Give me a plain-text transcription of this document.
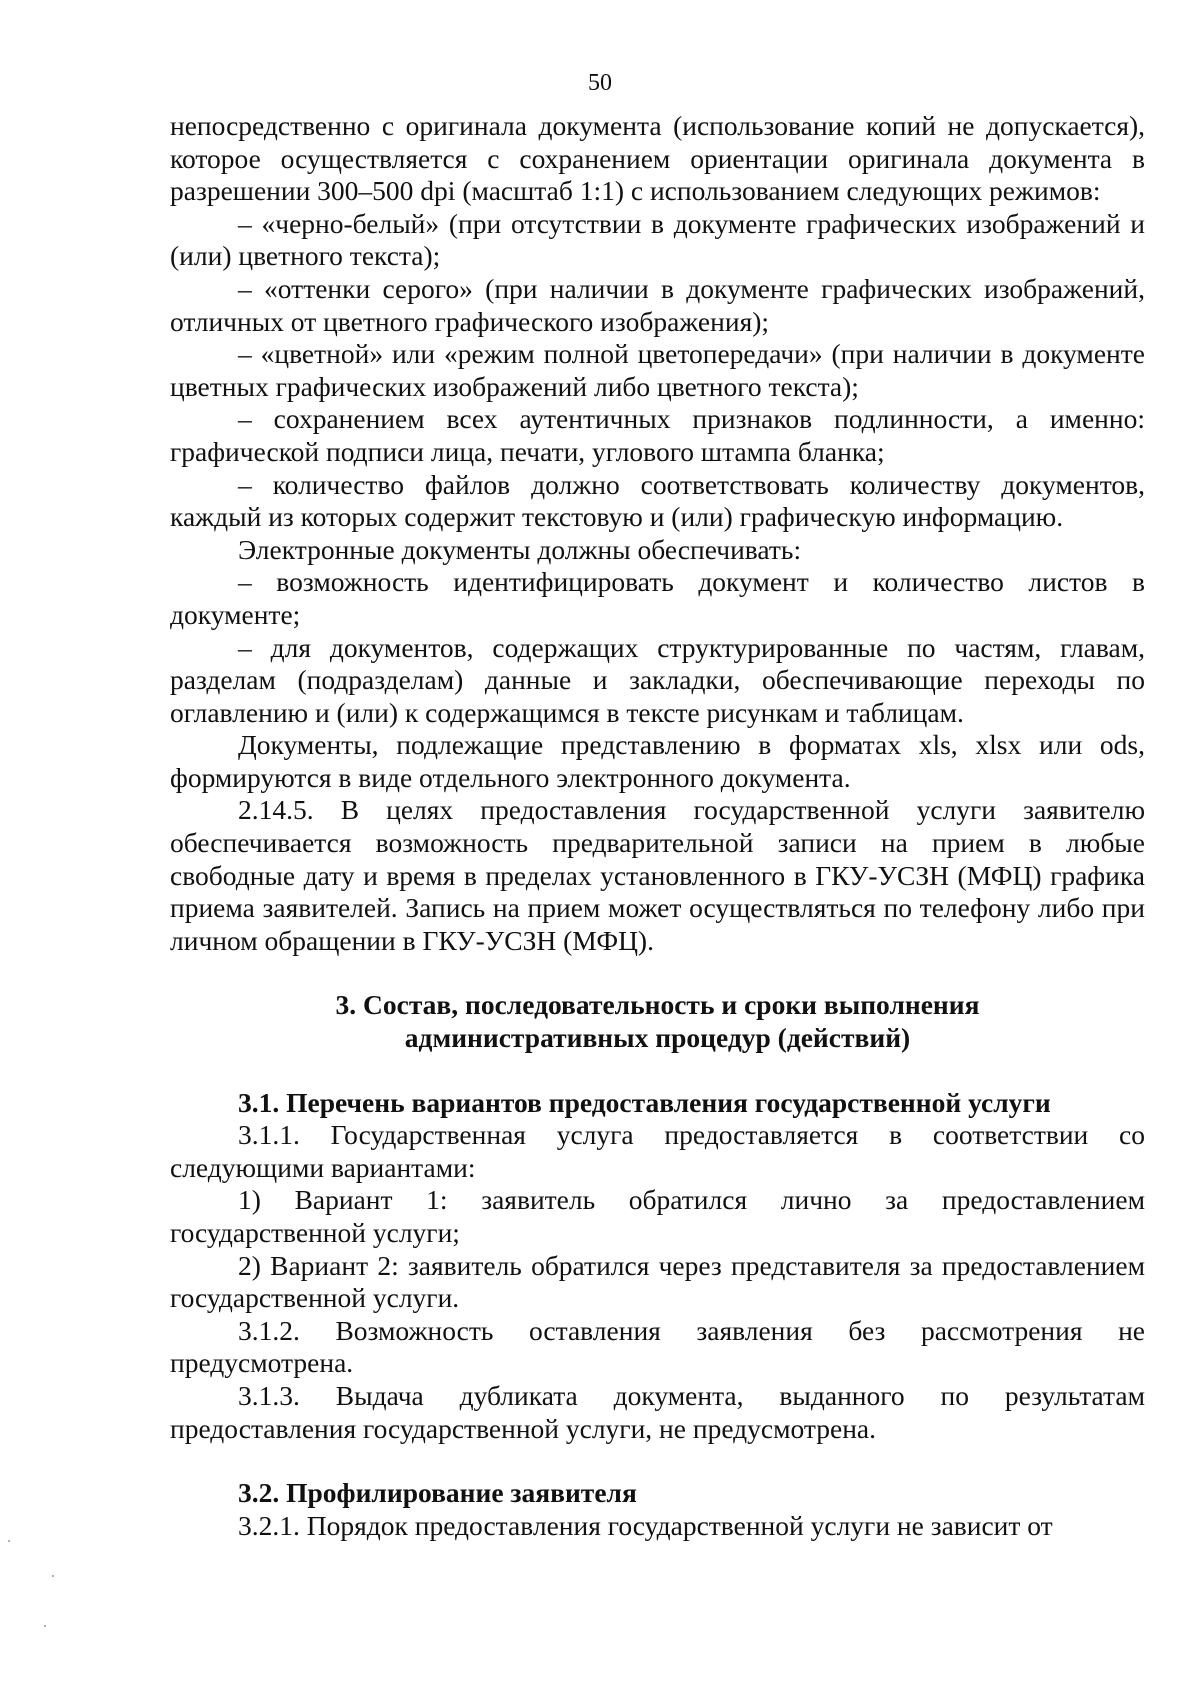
50

непосредственно с оригинала документа (использование копий не допускается), которое осуществляется с сохранением ориентации оригинала документа в разрешении 300–500 dpi (масштаб 1:1) с использованием следующих режимов:

– «черно-белый» (при отсутствии в документе графических изображений и (или) цветного текста);

– «оттенки серого» (при наличии в документе графических изображений, отличных от цветного графического изображения);

– «цветной» или «режим полной цветопередачи» (при наличии в документе цветных графических изображений либо цветного текста);

– сохранением всех аутентичных признаков подлинности, а именно: графической подписи лица, печати, углового штампа бланка;

– количество файлов должно соответствовать количеству документов, каждый из которых содержит текстовую и (или) графическую информацию.

Электронные документы должны обеспечивать:

– возможность идентифицировать документ и количество листов в документе;

– для документов, содержащих структурированные по частям, главам, разделам (подразделам) данные и закладки, обеспечивающие переходы по оглавлению и (или) к содержащимся в тексте рисункам и таблицам.

Документы, подлежащие представлению в форматах xls, xlsx или ods, формируются в виде отдельного электронного документа.

2.14.5. В целях предоставления государственной услуги заявителю обеспечивается возможность предварительной записи на прием в любые свободные дату и время в пределах установленного в ГКУ-УСЗН (МФЦ) графика приема заявителей. Запись на прием может осуществляться по телефону либо при личном обращении в ГКУ-УСЗН (МФЦ).

3. Состав, последовательность и сроки выполнения

административных процедур (действий)

3.1. Перечень вариантов предоставления государственной услуги

3.1.1. Государственная услуга предоставляется в соответствии со следующими вариантами:

1) Вариант 1: заявитель обратился лично за предоставлением государственной услуги;

2) Вариант 2: заявитель обратился через представителя за предоставлением государственной услуги.

3.1.2. Возможность оставления заявления без рассмотрения не предусмотрена.

3.1.3. Выдача дубликата документа, выданного по результатам предоставления государственной услуги, не предусмотрена.

3.2. Профилирование заявителя

3.2.1. Порядок предоставления государственной услуги не зависит от
